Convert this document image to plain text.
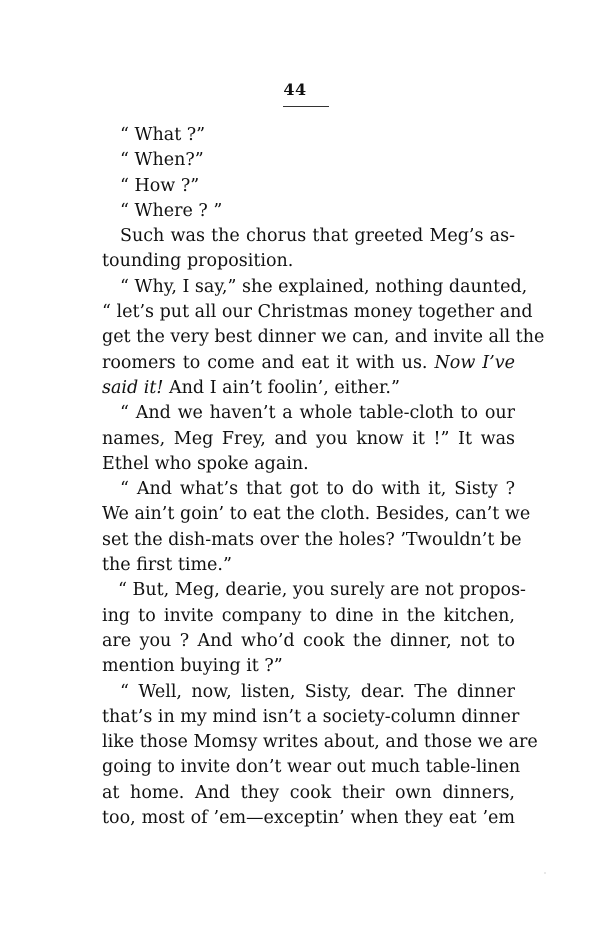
44
“ What ?”
“ When?”
“ How ?”
“ Where ? ”
Such was the chorus that greeted Meg’s as-
tounding proposition.
“ Why, I say,” she explained, nothing daunted,
“ let’s put all our Christmas money together and
get the very best dinner we can, and invite all the
roomers to come and eat it with us. Now I’ve
said it! And I ain’t foolin’, either.”
“ And we haven’t a whole table-cloth to our
names, Meg Frey, and you know it !” It was
Ethel who spoke again.
“ And what’s that got to do with it, Sisty ?
We ain’t goin’ to eat the cloth. Besides, can’t we
set the dish-mats over the holes? ’Twouldn’t be
the first time.”
“ But, Meg, dearie, you surely are not propos-
ing to invite company to dine in the kitchen,
are you ? And who’d cook the dinner, not to
mention buying it ?”
“ Well, now, listen, Sisty, dear. The dinner
that’s in my mind isn’t a society-column dinner
like those Momsy writes about, and those we are
going to invite don’t wear out much table-linen
at home. And they cook their own dinners,
too, most of ’em—exceptin’ when they eat ’em
